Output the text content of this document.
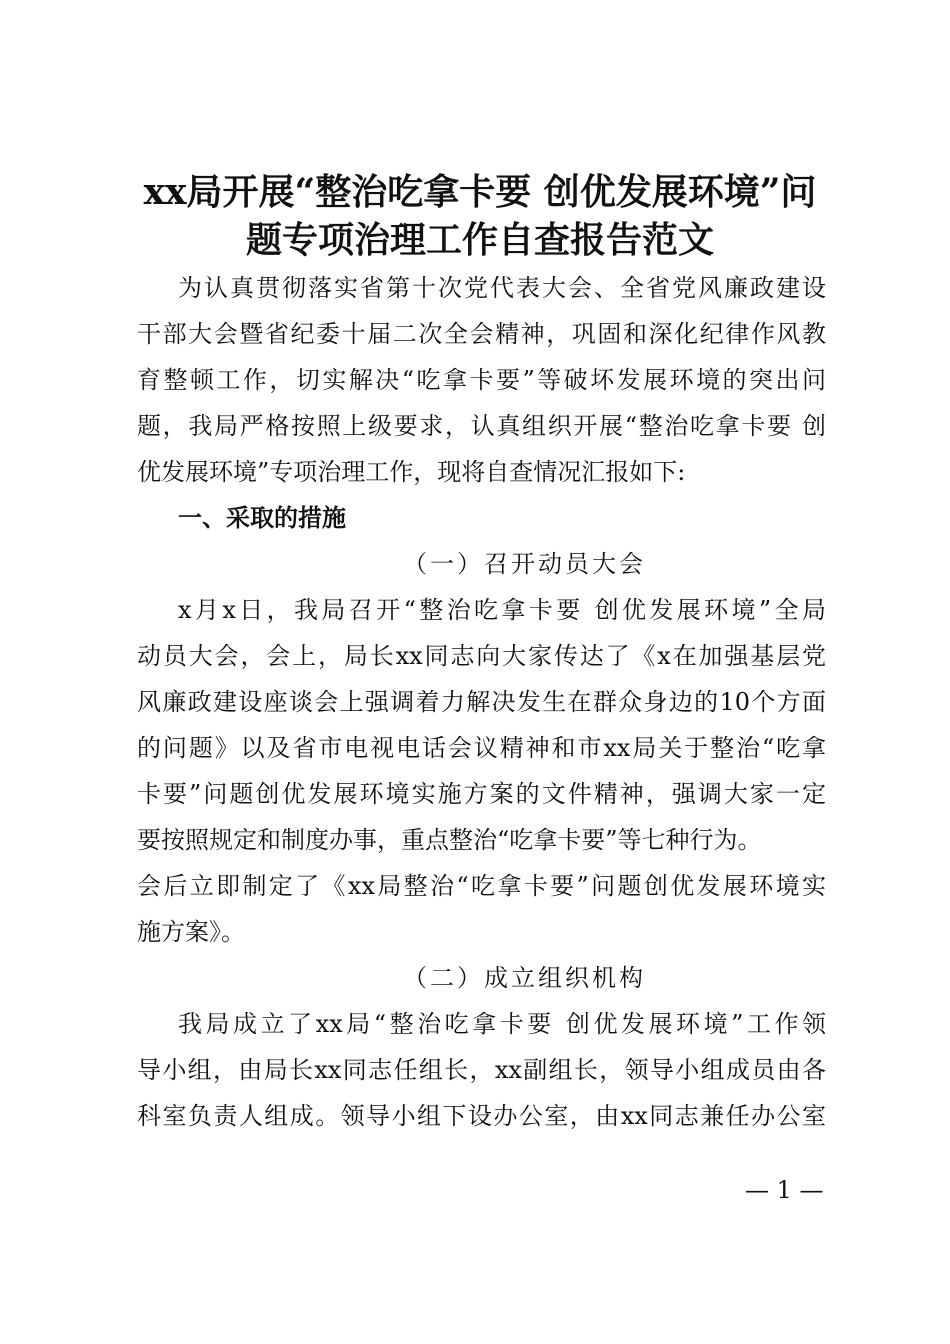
xx局开展“整治吃拿卡要 创优发展环境”问
题专项治理工作自查报告范文
为认真贯彻落实省第十次党代表大会、全省党风廉政建设
干部大会暨省纪委十届二次全会精神，巩固和深化纪律作风教
育整顿工作，切实解决“吃拿卡要”等破坏发展环境的突出问
题，我局严格按照上级要求，认真组织开展“整治吃拿卡要 创
优发展环境”专项治理工作，现将自查情况汇报如下:
一、采取的措施
（一）召开动员大会
x月x日，我局召开“整治吃拿卡要 创优发展环境”全局
动员大会，会上，局长xx同志向大家传达了《x在加强基层党
风廉政建设座谈会上强调着力解决发生在群众身边的10个方面
的问题》以及省市电视电话会议精神和市xx局关于整治“吃拿
卡要”问题创优发展环境实施方案的文件精神，强调大家一定
要按照规定和制度办事，重点整治“吃拿卡要”等七种行为。
会后立即制定了《xx局整治“吃拿卡要”问题创优发展环境实
施方案》。
（二）成立组织机构
我局成立了xx局“整治吃拿卡要 创优发展环境”工作领
导小组，由局长xx同志任组长，xx副组长，领导小组成员由各
科室负责人组成。领导小组下设办公室，由xx同志兼任办公室
— 1 —
